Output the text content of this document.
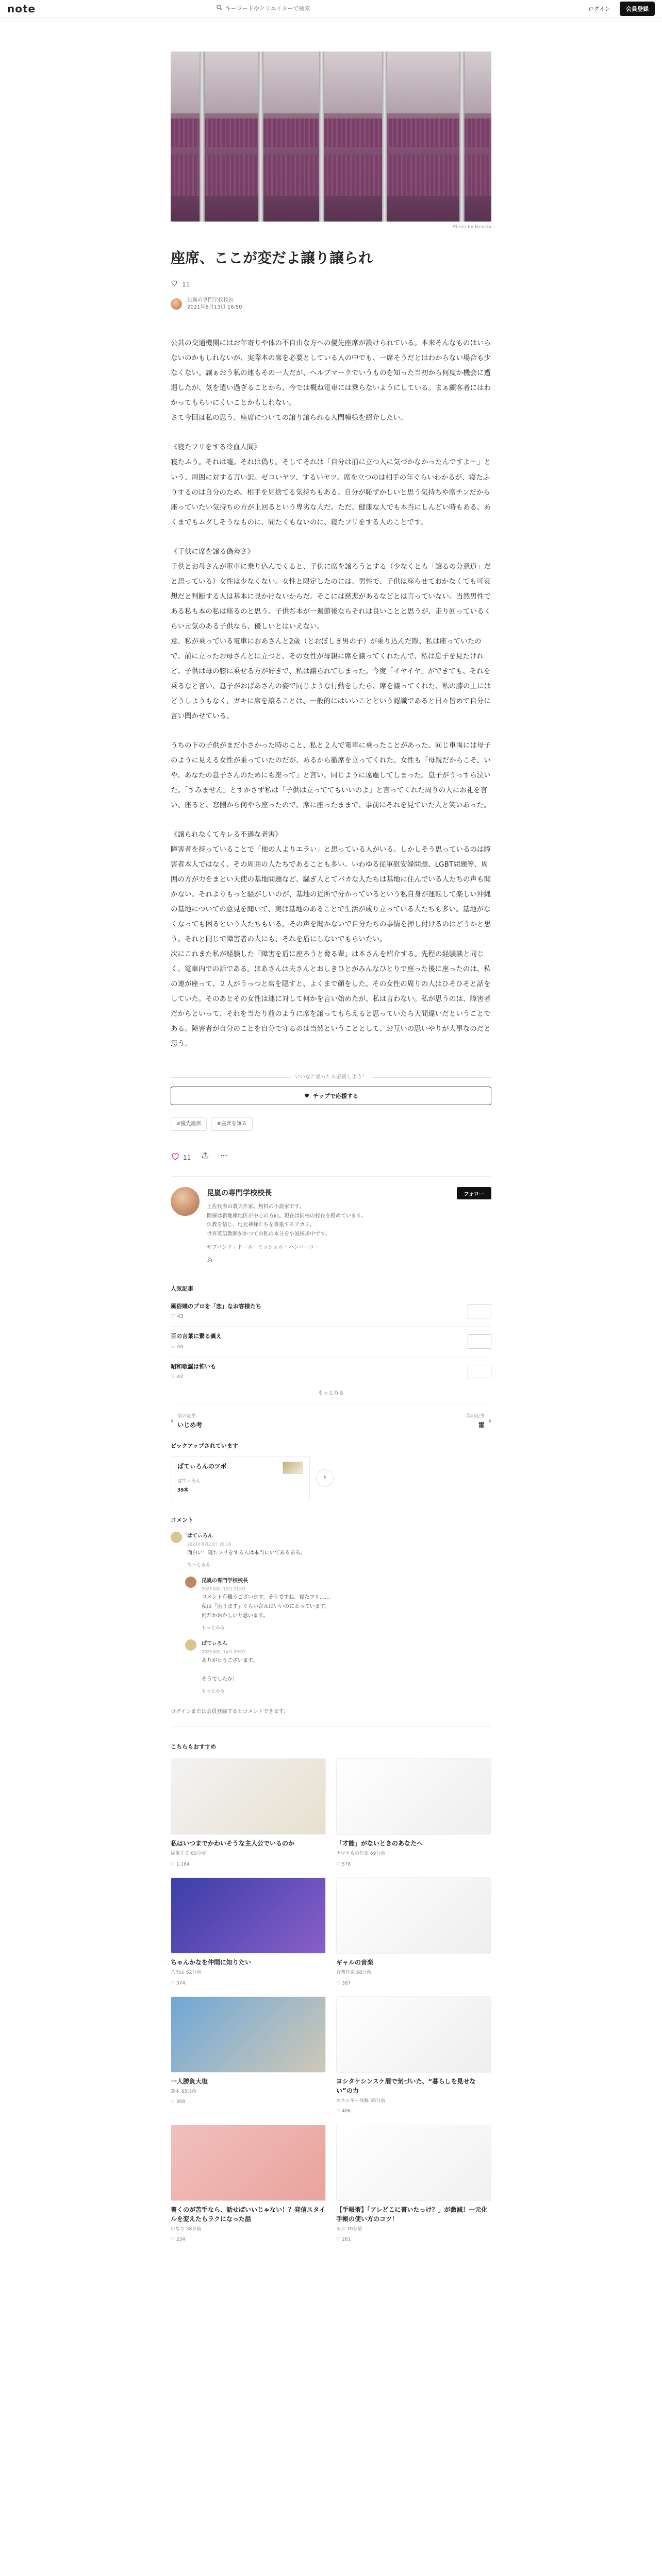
note
キーワードやクリエイターで検索	ログイン	会員登録
Photo by Ikeuchi
座席、ここが変だよ譲り譲られ
11
昆嵐の専門学校校長
2021年8月13日 16:50

公共の交通機関にはお年寄りや体の不自由な方への優先座席が設けられている。本来そんなものはいらないのかもしれないが、実際本の席を必要としている人の中でも、一席そうだとはわからない場合も少なくない。譲ぁおう私の連もその一人だが、ヘルプマークでいうものを知った当初から何度か機会に遭遇したが、気を遣い過ぎることから、今では概ね電車には乗らないようにしている。まぁ顧客者にはわかってもらいにくいことかもしれない。

さて今回は私の思う、座席についての譲り譲られる人間模様を紹介したい。

《寝たフリをする冷血人間》

寝たふう。それは嘘。それは偽り。そしてそれは「自分は前に立つ人に気づかなかったんですよ〜」という、周囲に対する言い訳。ゼコいヤツ、するいヤツ。席を立つのは相手の年ぐらいわかるが、寝たふりするのは自分のため。相手を見捨てる気持ちもある。自分が恥ずかしいと思う気持ちや席チンだから座っていたい気持ちの方が上回るという卑劣な人だ。ただ、健康な人でも本当にしんどい時もある。あくまでもムダしそうなものに、間たくもないのに、寝たフリをする人のことです。

《子供に席を譲る偽善さ》

子供とお母さんが電車に乗り込んでくると、子供に席を譲ろうとする（少なくとも「譲るの分意道」だと思っている）女性は少なくない。女性と限定したのには、男性で、子供は座らせておかなくても可哀想だと判断する人は基本に見かけないからだ。そこには慈悲があるなどとは言っていない。当然男性である私も本の私は座るのと思う。子供ぢ本が一週節後ならそれは良いことと思うが、走り回っているくらい元気のある子供なら、優しいとはいえない。

意、私が乗っている電車におあさんと2歳（とおぼしき男の子）が乗り込んだ際、私は座っていたので、前に立ったお母さんとに立つと、その女性が母親に席を譲ってくれたんで、私は息子を見たけれど、子供は母の膝に乗せる方が好きで、私は譲られてしまった。今度「イヤイヤ」ができても、それを乗るなと言い、息子がおばあさんの姿で同じような行動をしたら、席を譲ってくれた、私の膝の上にはどうしようもなく、ガキに席を譲ることは、一般的にはいいことという認識であると日々皆めて自分に言い聞かせている。

うちの下の子供がまだ小さかった時のこと、私と２人で電車に乗ったことがあった。同じ車両には母子のように見える女性が乗っていたのだが、あるから撤席を立ってくれた。女性も「母親だからこそ、いや、あなたの息子さんのためにも座って」と言い、同じように遠慮してしまった。息子がうっすら泣いた。「すみません」とすかさず私は「子供は立っててもいいのよ」と言ってくれた周りの人にお礼を言い、座ると、窓側から何やら座ったので、席に座ったままで、事前にそれを見ていた人と笑いあった。

《譲られなくてキレる不遜な老害》

障害者を持っていることで「他の人よりエラい」と思っている人がいる。しかしそう思っているのは障害者本人ではなく、その周囲の人たちであることも多い。いわゆる従軍慰安婦問題、LGBT問題等、周囲の方が力をまとい天使の基地問題など、騒ぎ人とてバカな人たちは基地に住んでいる人たちの声も聞かない。それよりもっと騒がしいのが、基地の近所で分かっているという私自身が運転して楽しい沖縄の基地についての意見を聞いて、実は基地のあることで生活が成り立っている人たちも多い。基地がなくなっても困るという人たちもいる。その声を聞かないで自分たちの事情を押し付けるのはどうかと思う。それと同じで障害者の人にも、それを盾にしないでもらいたい。

次にこれまた私が経験した「障害を盾に座ろうと脅る輩」は本さんを紹介する。先程の経験談と同じく、電車内での話である。ほあさんは夫さんとおしきひとがみんなひとりで座った後に座ったのは、私の連が座って、２人がうっつと席を隠すと、よくまで顔をした。その女性の周りの人はひそひそと話をしていた。そのあとその女性は連に対して何かを言い始めたが、私は言わない。私が思うのは、障害者だからといって、それを当たり前のように席を譲ってもらえると思っていたら大間違いだということである。障害者が自分のことを自分で守るのは当然ということとして、お互いの思いやりが大事なのだと思う。

いいなと思ったら応援しよう！
チップで応援する
#優先座席	#座席を譲る
11
昆嵐の専門学校校長	フォロー
土佐代表の農夫作家。無料の小説家です。
開催は新地座地区が中心の方向。現在は同校の校長を務めています。
仏教を信じ、地元神様たちを尊重するアカミ。
世界英語教師がかつての私の本分を小説探求中です。
サブバンド＋ドール：ミッシェル・ハンバーロー
人気記事
風俗嬢のプロを「恋」なお客様たち
♡ 43
百の言葉に繋る糞え
♡ 40
昭和歌謡は怖いも
♡ 42
もっとみる
‹
前の記事
いじめ考
次の記事
雷 ›
ピックアップされています
ぱてぃろんのツボ
ぱてぃろん
39本
›
コメント
ぱてぃろん
2021年8月13日 20:18
面白い！寝たフリをする人は本当にいてあるある。
もっとみる
昆嵐の専門学校校長
2021年8月13日 21:03
コメント有難うございます。そうですね。寝たフリ……
私は「座ります」ぐらい言えばいいのにとっています。
何だかおかしいと思います。
もっとみる
ぱてぃろん
2021年8月14日 09:01
ありがとうございます。

そうでしたか！
もっとみる
ログインまたは会員登録するとコメントできます。
こちらもおすすめ
私はいつまでかわいそうな主人公でいるのか
昆嵐する 60分前
♡ 1,184
「才能」がないときのあなたへ
ナマケもの作家 69分前
♡ 578
ちゃんかなを仲間に知りたい
八海山 52分前
♡ 374
ギャルの音楽
音楽作家 58分前
♡ 387
一人勝負大塩
鈴木 65分前
♡ 358
ヨシタケシンスケ展で気づいた、“暮らしを見せない”の力
エネルギー体験 35分前
♡ 406
書くのが苦手なら、話せばいいじゃない！？発信スタイルを変えたらラクになった話
いなり 58分前
♡ 234
【手帳術】「アレどこに書いたっけ？」が激減！一元化手帳の使い方のコツ！
ルカ 70分前
♡ 281
